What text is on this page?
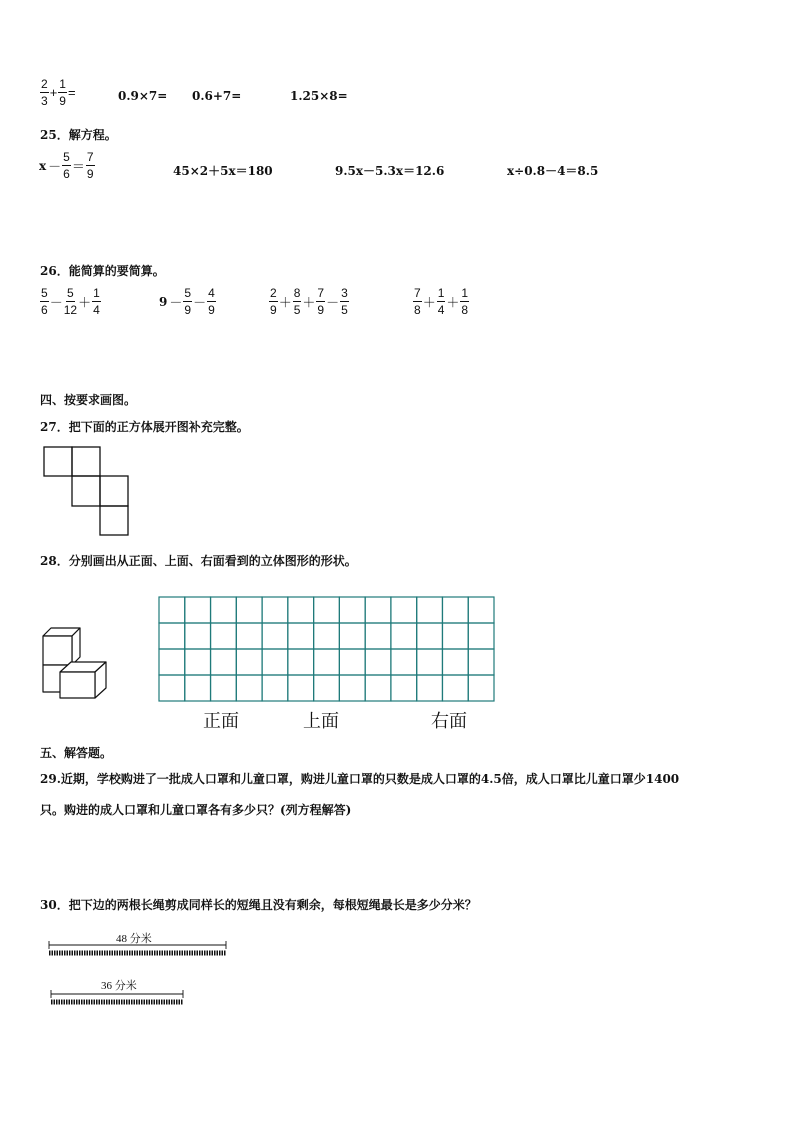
$\frac{2}{3} + \frac{1}{9}$ =	0.9×7= 0.6+7=	1.25×8=
25．解方程。
$x - \frac{5}{6} = \frac{7}{9}$	45×2＋5x＝180	9.5x－5.3x＝12.6	x÷0.8－4＝8.5
26．能简算的要简算。
$\frac{5}{6} - \frac{5}{12} + \frac{1}{4}$	$9 - \frac{5}{9} - \frac{4}{9}$	$\frac{2}{9} + \frac{8}{5} + \frac{7}{9} - \frac{3}{5}$	$\frac{7}{8} + \frac{1}{4} + \frac{1}{8}$
四、按要求画图。
27．把下面的正方体展开图补充完整。
28．分别画出从正面、上面、右面看到的立体图形的形状。
正面	上面	右面
五、解答题。
29.近期，学校购进了一批成人口罩和儿童口罩，购进儿童口罩的只数是成人口罩的4.5倍，成人口罩比儿童口罩少1400
只。购进的成人口罩和儿童口罩各有多少只？(列方程解答)
30．把下边的两根长绳剪成同样长的短绳且没有剩余，每根短绳最长是多少分米？
48 分米
36 分米
